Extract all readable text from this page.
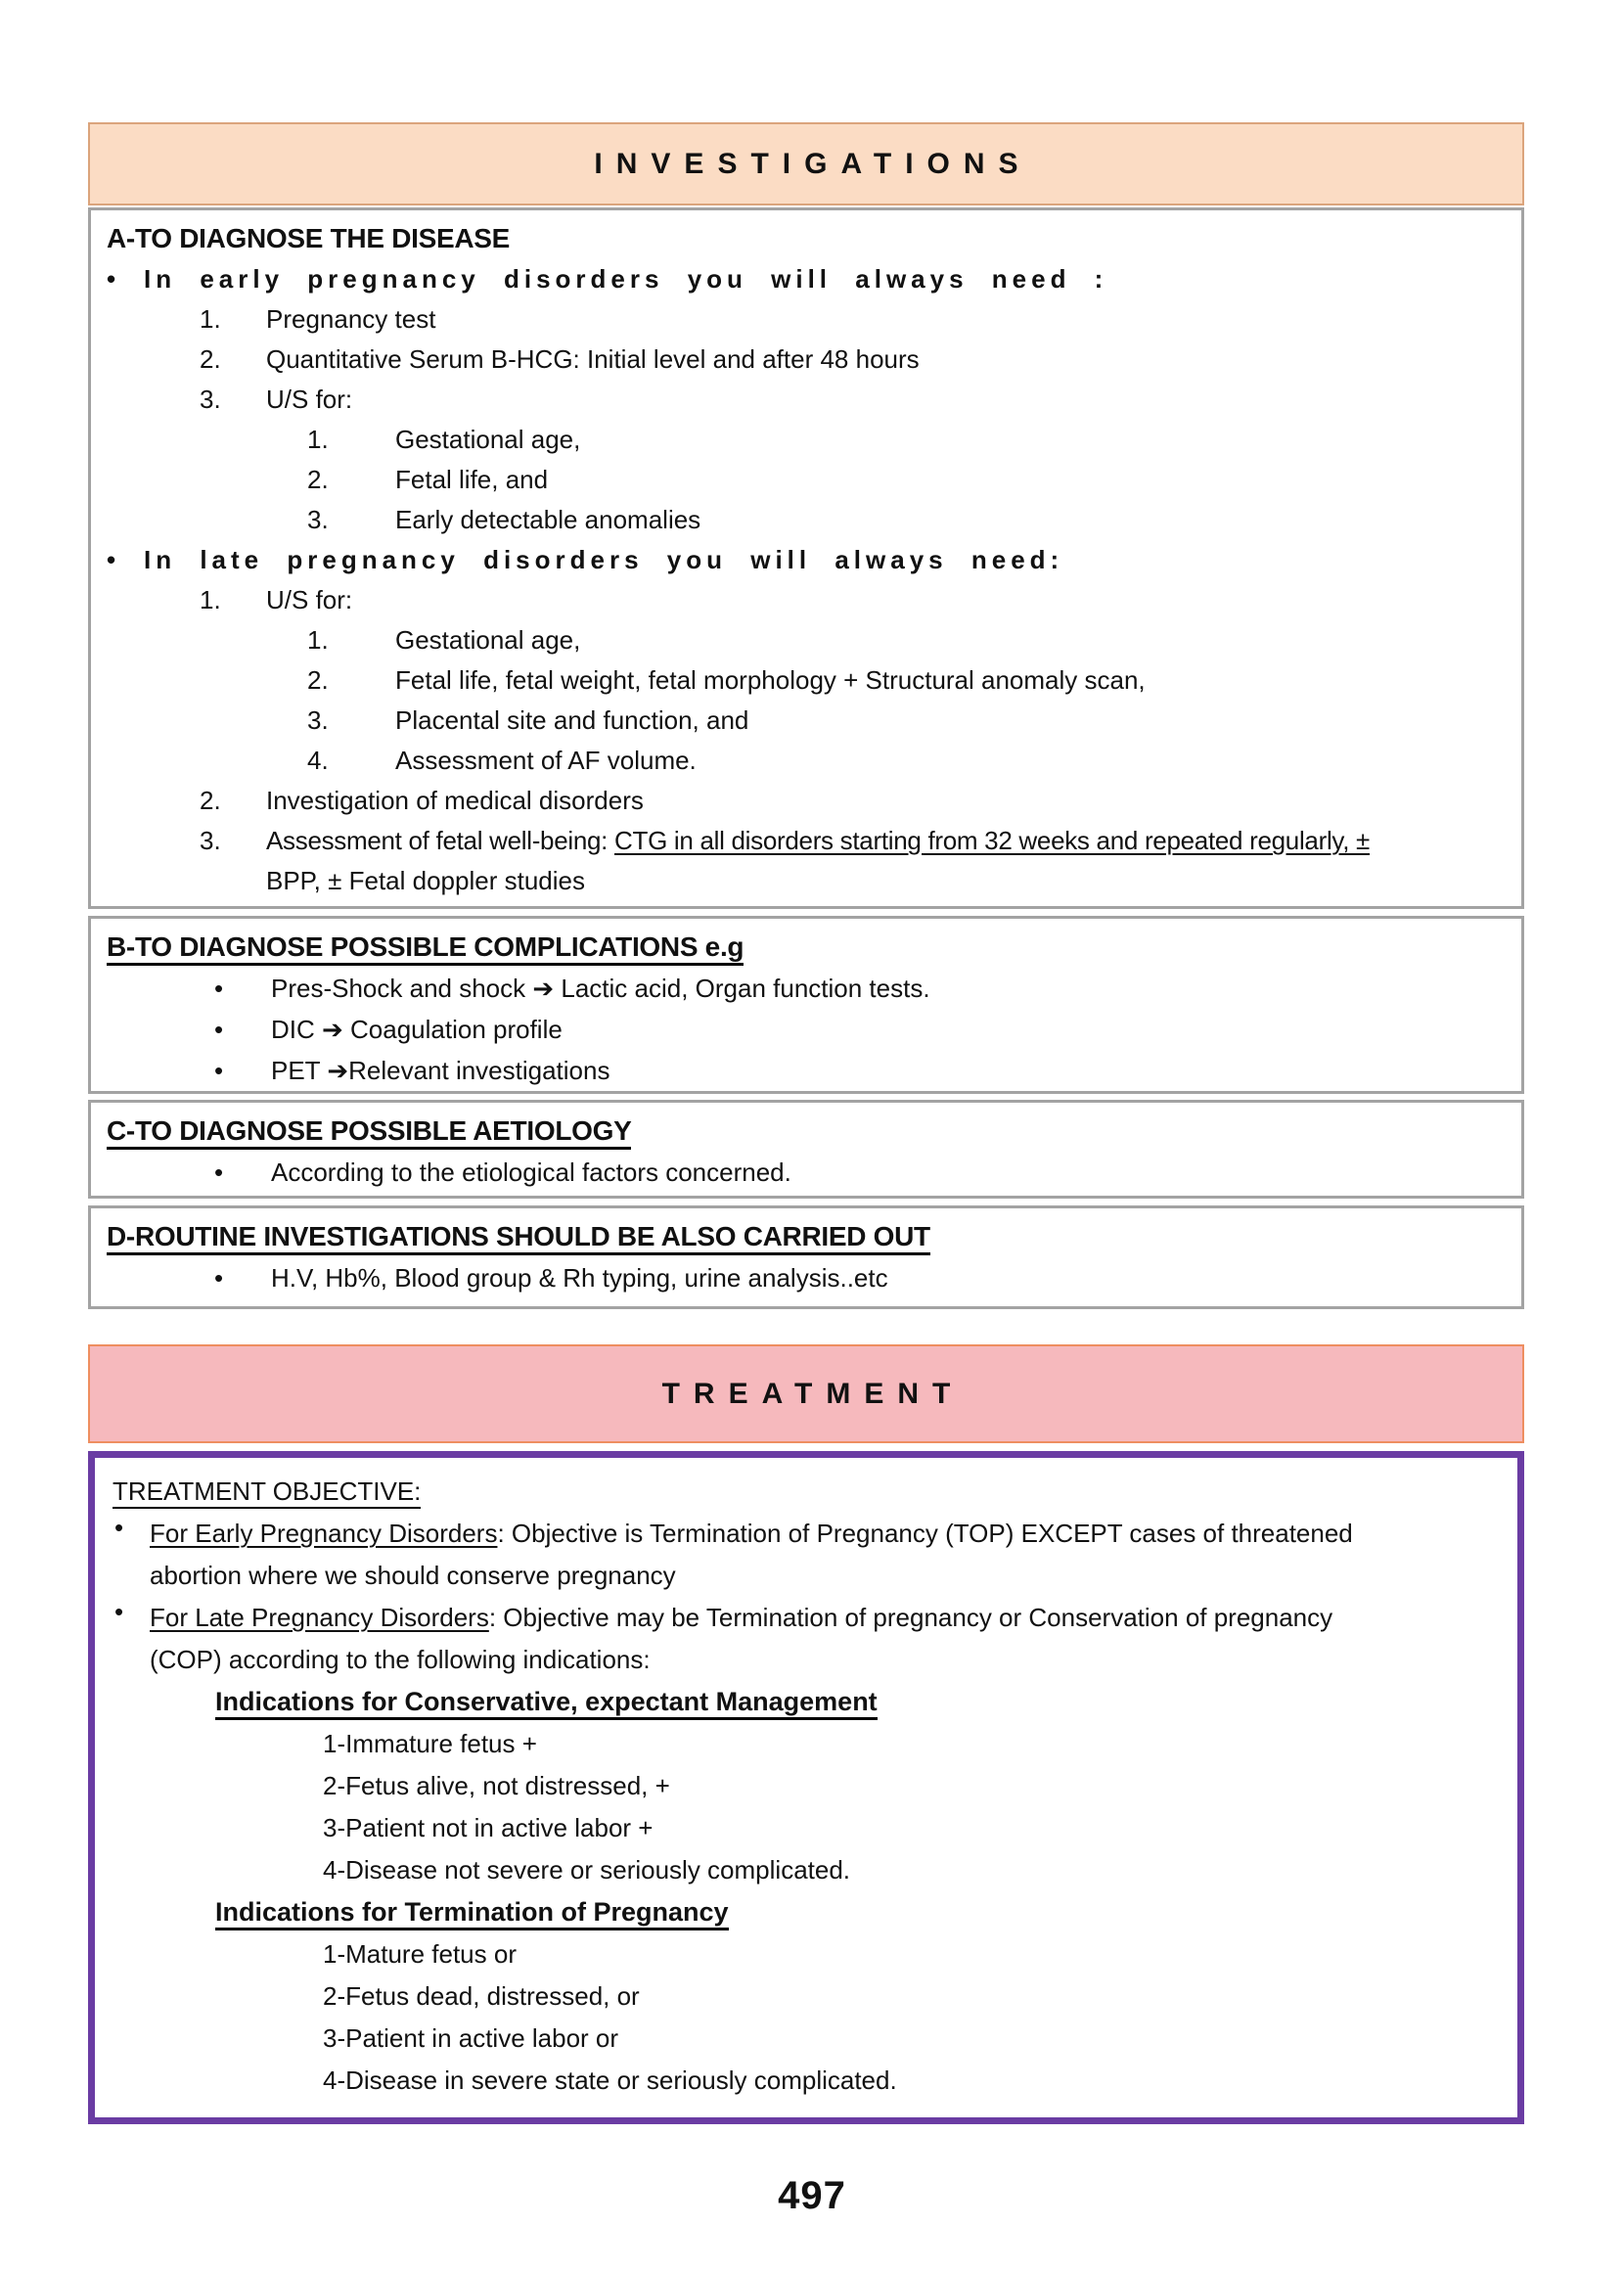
INVESTIGATIONS
A-TO DIAGNOSE THE DISEASE
•
In early pregnancy disorders you will always need :
1.	Pregnancy test
2.	Quantitative Serum B-HCG: Initial level and after 48 hours
3.	U/S for:
1.	Gestational age,
2.	Fetal life, and
3.	Early detectable anomalies
•
In late pregnancy disorders you will always need:
1.	U/S for:
1.	Gestational age,
2.	Fetal life, fetal weight, fetal morphology + Structural anomaly scan,
3.	Placental site and function, and
4.	Assessment of AF volume.
2.	Investigation of medical disorders
3.	Assessment of fetal well-being: CTG in all disorders starting from 32 weeks and repeated regularly, ±
BPP, ± Fetal doppler studies
B-TO DIAGNOSE POSSIBLE COMPLICATIONS e.g
•
Pres-Shock and shock ➔ Lactic acid, Organ function tests.
•
DIC ➔ Coagulation profile
•
PET ➔Relevant investigations
C-TO DIAGNOSE POSSIBLE AETIOLOGY
•
According to the etiological factors concerned.
D-ROUTINE INVESTIGATIONS SHOULD BE ALSO CARRIED OUT
•
H.V, Hb%, Blood group & Rh typing, urine analysis..etc
TREATMENT
TREATMENT OBJECTIVE:
•
For Early Pregnancy Disorders: Objective is Termination of Pregnancy (TOP) EXCEPT cases of threatened
abortion where we should conserve pregnancy
•
For Late Pregnancy Disorders: Objective may be Termination of pregnancy or Conservation of pregnancy
(COP) according to the following indications:
Indications for Conservative, expectant Management
1-Immature fetus +
2-Fetus alive, not distressed, +
3-Patient not in active labor +
4-Disease not severe or seriously complicated.
Indications for Termination of Pregnancy
1-Mature fetus or
2-Fetus dead, distressed, or
3-Patient in active labor or
4-Disease in severe state or seriously complicated.
497
